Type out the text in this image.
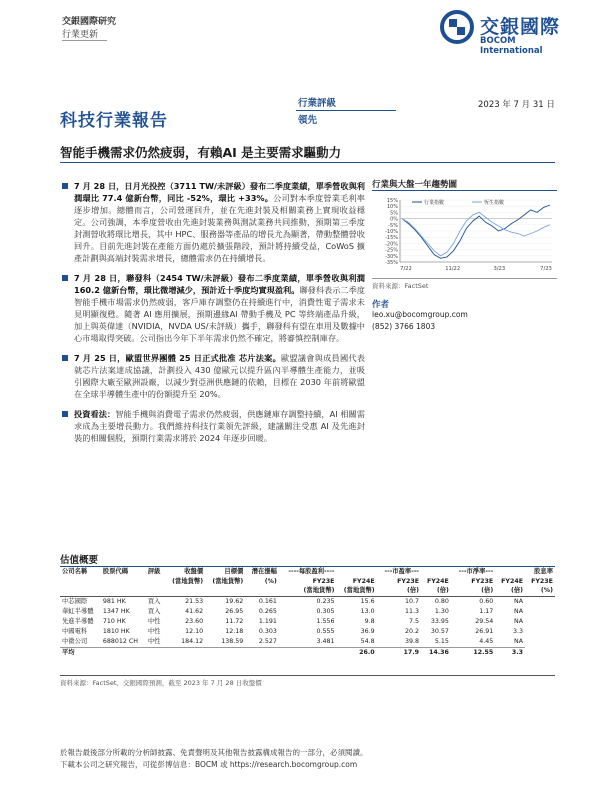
交銀國際研究
行業更新	交銀國際
BOCOM International
科技行業報告
行業評級
領先
2023 年 7 月 31 日
智能手機需求仍然疲弱，有賴AI 是主要需求驅動力
7 月 28 日，日月光投控（3711 TW/未評級）發布二季度業績，單季營收與利潤環比 77.4 億新台幣，同比 -52%，環比 +33%。公司對本季度營業毛利率逐步增加。總體而言，公司營運回升，並在先進封裝及相關業務上實現收益穩定。公司強調，本季度營收由先進封裝業務與測試業務共同推動，預期第三季度封測營收將環比增長，其中 HPC、服務器等產品的增長尤為顯著，帶動整體營收回升。目前先進封裝在產能方面仍處於擴張階段，預計將持續受益，CoWoS 擴產計劃與高端封裝需求增長，總體需求仍在持續增長。
7 月 28 日，聯發科（2454 TW/未評級）發布二季度業績，單季營收與利潤 160.2 億新台幣，環比微增減少，預計近十季度均實現盈利。聯發科表示二季度智能手機市場需求仍然疲弱，客戶庫存調整仍在持續進行中，消費性電子需求未見明顯復甦。隨著 AI 應用擴展，預期邊緣AI 帶動手機及 PC 等終端產品升級，加上與英偉達（NVIDIA，NVDA US/未評級）攜手，聯發科有望在車用及數據中心市場取得突破。公司指出今年下半年需求仍然不確定，將審慎控制庫存。
7 月 25 日，歐盟世界團體 25 日正式批准 芯片法案。歐盟議會與成員國代表就芯片法案達成協議，計劃投入 430 億歐元以提升區內半導體生產能力，並吸引國際大廠至歐洲設廠，以減少對亞洲供應鏈的依賴，目標在 2030 年前將歐盟在全球半導體生產中的份額提升至 20%。
投資看法：智能手機與消費電子需求仍然疲弱，供應鏈庫存調整持續，AI 相關需求成為主要增長動力。我們維持科技行業領先評級，建議關注受惠 AI 及先進封裝的相關個股，預期行業需求將於 2024 年逐步回暖。
行業與大盤一年趨勢圖
15%
10%
5%
0%
-5%
-10%
-15%
-20%
-25%
-30%
-35%
7/22	11/22	3/23	7/23
行業指數	恆生指數
資料來源：FactSet
作者
leo.xu@bocomgroup.com
(852) 3766 1803
估值概要
公司名稱	股票代碼	評級	收盤價	目標價	潛在漲幅	----每股盈利----		---市盈率---		---市淨率---		股息率
			(當地貨幣)	(當地貨幣)	(%)	FY23E	FY24E	FY23E	FY24E	FY23E	FY24E	FY23E
						(當地貨幣)	(當地貨幣)	(倍)	(倍)	(倍)	(倍)	(%)
中芯國際	981 HK	買入	21.53	19.62	0.161	0.235	15.6	10.7	0.80	0.60	NA	
華虹半導體	1347 HK	買入	41.62	26.95	0.265	0.305	13.0	11.3	1.30	1.17	NA	
先進半導體	710 HK	中性	23.60	11.72	1.191	1.556	9.8	7.5	33.95	29.54	NA	
中國電科	1810 HK	中性	12.10	12.18	0.303	0.555	36.9	20.2	30.57	26.91	3.3	
中微公司	688012 CH	中性	184.12	138.59	2.527	3.481	54.8	39.8	5.15	4.45	NA	
平均							26.0	17.9	14.36	12.55	3.3	
資料來源：FactSet、交銀國際預測，截至 2023 年 7 月 28 日收盤價
於報告最後部分所載的分析師披露、免責聲明及其他報告披露構成報告的一部分，必須閱讀。
下載本公司之研究報告，可從彭博信息：BOCM 或 https://research.bocomgroup.com
